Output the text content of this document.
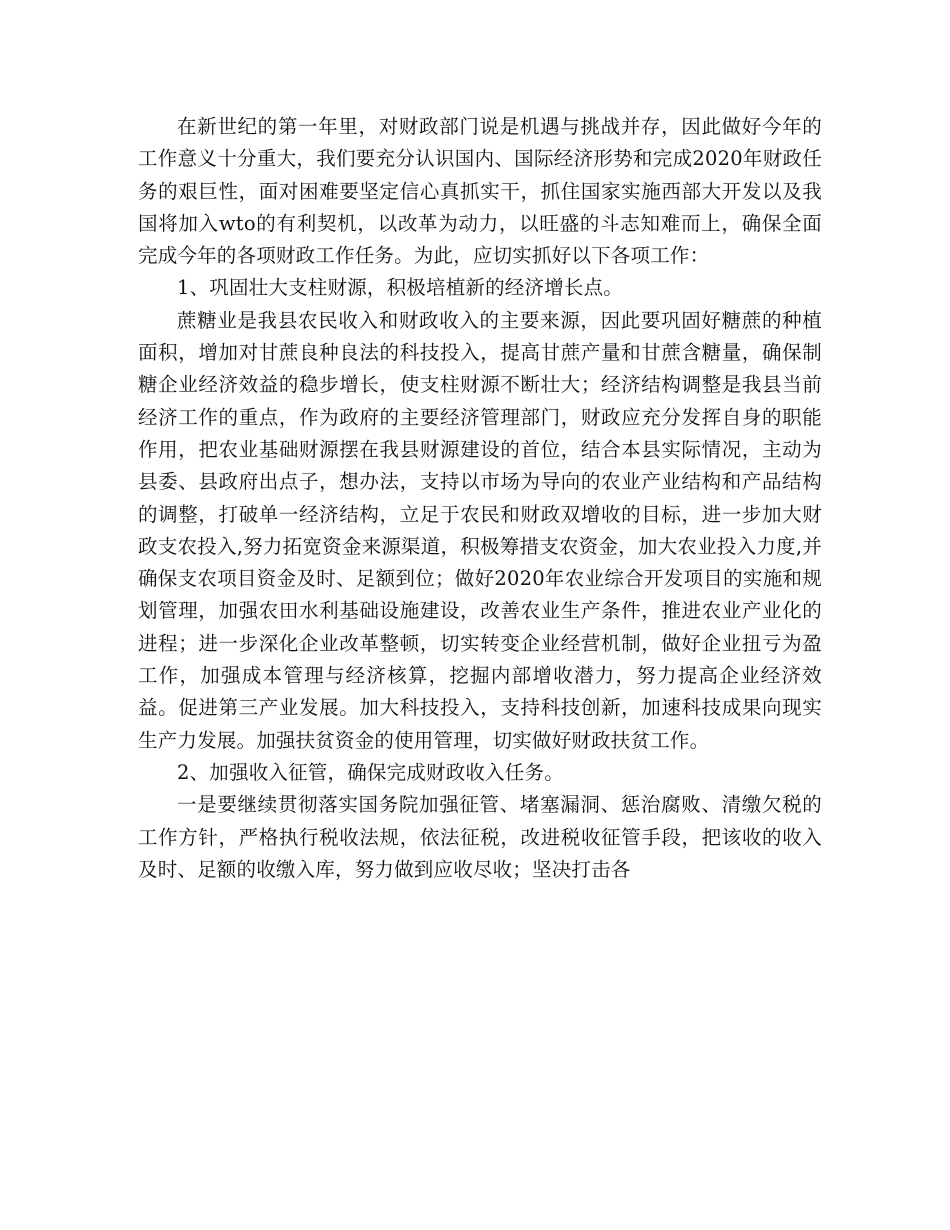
在新世纪的第一年里，对财政部门说是机遇与挑战并存，因此做好今年的工作意义十分重大，我们要充分认识国内、国际经济形势和完成2020年财政任务的艰巨性，面对困难要坚定信心真抓实干，抓住国家实施西部大开发以及我国将加入wto的有利契机，以改革为动力，以旺盛的斗志知难而上，确保全面完成今年的各项财政工作任务。为此，应切实抓好以下各项工作：

1、巩固壮大支柱财源，积极培植新的经济增长点。

蔗糖业是我县农民收入和财政收入的主要来源，因此要巩固好糖蔗的种植面积，增加对甘蔗良种良法的科技投入，提高甘蔗产量和甘蔗含糖量，确保制糖企业经济效益的稳步增长，使支柱财源不断壮大；经济结构调整是我县当前经济工作的重点，作为政府的主要经济管理部门，财政应充分发挥自身的职能作用，把农业基础财源摆在我县财源建设的首位，结合本县实际情况，主动为县委、县政府出点子，想办法，支持以市场为导向的农业产业结构和产品结构的调整，打破单一经济结构，立足于农民和财政双增收的目标，进一步加大财政支农投入,努力拓宽资金来源渠道，积极筹措支农资金，加大农业投入力度,并确保支农项目资金及时、足额到位；做好2020年农业综合开发项目的实施和规划管理，加强农田水利基础设施建设，改善农业生产条件，推进农业产业化的进程；进一步深化企业改革整顿，切实转变企业经营机制，做好企业扭亏为盈工作，加强成本管理与经济核算，挖掘内部增收潜力，努力提高企业经济效益。促进第三产业发展。加大科技投入，支持科技创新，加速科技成果向现实生产力发展。加强扶贫资金的使用管理，切实做好财政扶贫工作。

2、加强收入征管，确保完成财政收入任务。

一是要继续贯彻落实国务院加强征管、堵塞漏洞、惩治腐败、清缴欠税的工作方针，严格执行税收法规，依法征税，改进税收征管手段，把该收的收入及时、足额的收缴入库，努力做到应收尽收；坚决打击各
